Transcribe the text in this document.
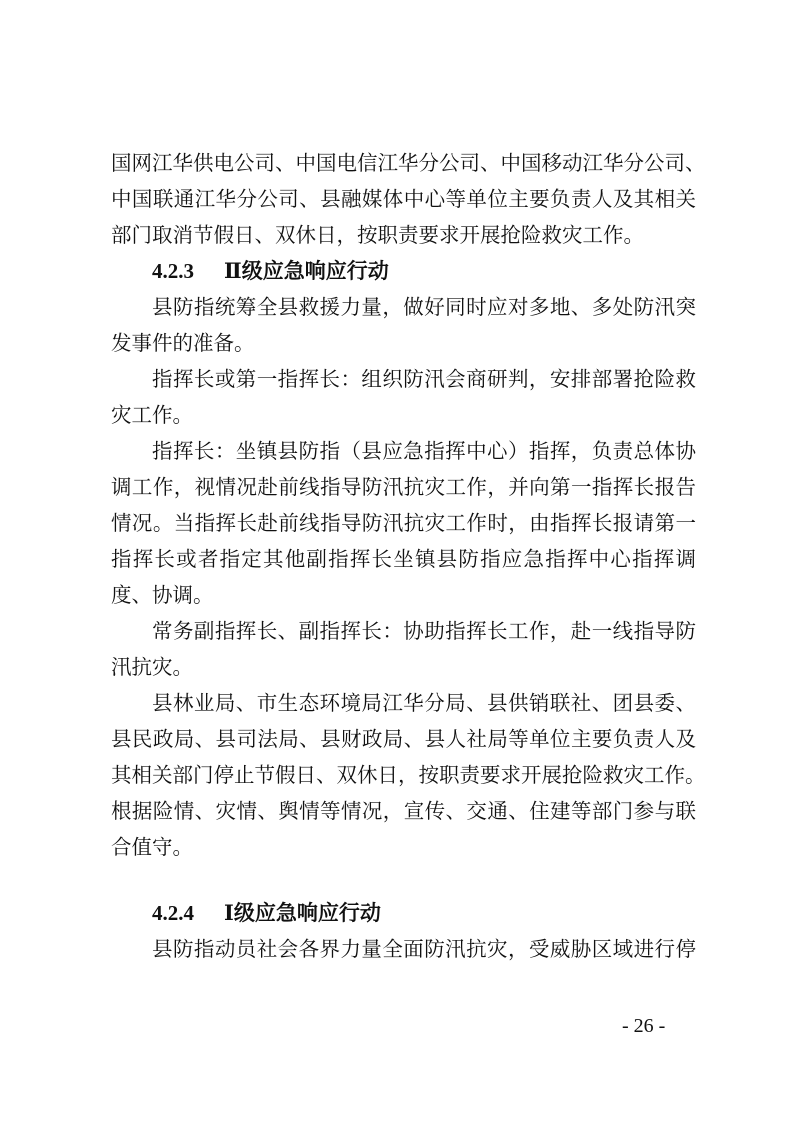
国网江华供电公司、中国电信江华分公司、中国移动江华分公司、
中国联通江华分公司、县融媒体中心等单位主要负责人及其相关
部门取消节假日、双休日，按职责要求开展抢险救灾工作。
4.2.3 Ⅱ级应急响应行动
县防指统筹全县救援力量，做好同时应对多地、多处防汛突
发事件的准备。
指挥长或第一指挥长：组织防汛会商研判，安排部署抢险救
灾工作。
指挥长：坐镇县防指（县应急指挥中心）指挥，负责总体协
调工作，视情况赴前线指导防汛抗灾工作，并向第一指挥长报告
情况。当指挥长赴前线指导防汛抗灾工作时，由指挥长报请第一
指挥长或者指定其他副指挥长坐镇县防指应急指挥中心指挥调
度、协调。
常务副指挥长、副指挥长：协助指挥长工作，赴一线指导防
汛抗灾。
县林业局、市生态环境局江华分局、县供销联社、团县委、
县民政局、县司法局、县财政局、县人社局等单位主要负责人及
其相关部门停止节假日、双休日，按职责要求开展抢险救灾工作。
根据险情、灾情、舆情等情况，宣传、交通、住建等部门参与联
合值守。
4.2.4 Ⅰ级应急响应行动
县防指动员社会各界力量全面防汛抗灾，受威胁区域进行停
- 26 -
